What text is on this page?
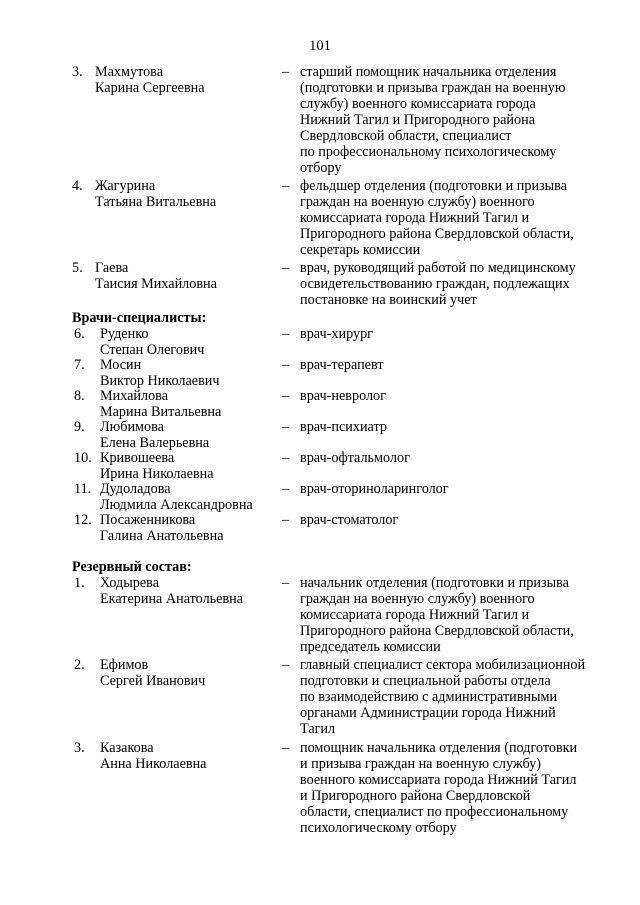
101
3. Махмутова
Карина Сергеевна
– старший помощник начальника отделения
(подготовки и призыва граждан на военную
службу) военного комиссариата города
Нижний Тагил и Пригородного района
Свердловской области, специалист
по профессиональному психологическому
отбору
4. Жагурина
Татьяна Витальевна
– фельдшер отделения (подготовки и призыва
граждан на военную службу) военного
комиссариата города Нижний Тагил и
Пригородного района Свердловской области,
секретарь комиссии
5. Гаева
Таисия Михайловна
– врач, руководящий работой по медицинскому
освидетельствованию граждан, подлежащих
постановке на воинский учет
Врачи-специалисты:
6. Руденко
Степан Олегович
– врач-хирург
7. Мосин
Виктор Николаевич
– врач-терапевт
8. Михайлова
Марина Витальевна
– врач-невролог
9. Любимова
Елена Валерьевна
– врач-психиатр
10. Кривошеева
Ирина Николаевна
– врач-офтальмолог
11. Дудоладова
Людмила Александровна
– врач-оториноларинголог
12. Посаженникова
Галина Анатольевна
– врач-стоматолог
Резервный состав:
1. Ходырева
Екатерина Анатольевна
– начальник отделения (подготовки и призыва
граждан на военную службу) военного
комиссариата города Нижний Тагил и
Пригородного района Свердловской области,
председатель комиссии
2. Ефимов
Сергей Иванович
– главный специалист сектора мобилизационной
подготовки и специальной работы отдела
по взаимодействию с административными
органами Администрации города Нижний
Тагил
3. Казакова
Анна Николаевна
– помощник начальника отделения (подготовки
и призыва граждан на военную службу)
военного комиссариата города Нижний Тагил
и Пригородного района Свердловской
области, специалист по профессиональному
психологическому отбору
